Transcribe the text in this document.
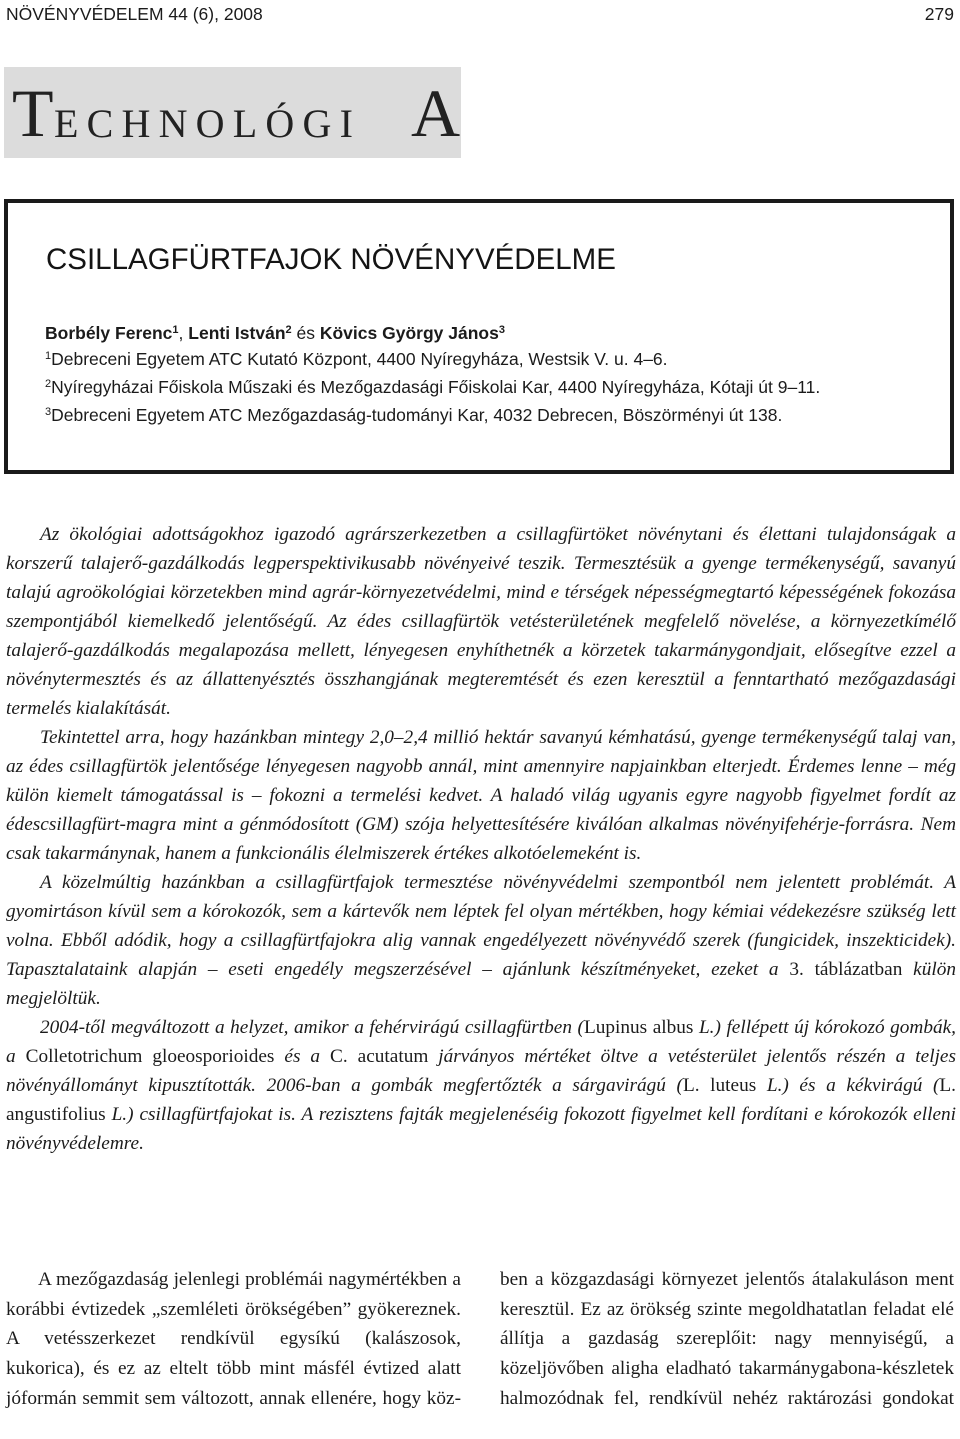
NÖVÉNYVÉDELEM 44 (6), 2008	279
T ECHNOLÓGI A
CSILLAGFÜRTFAJOK NÖVÉNYVÉDELME
Borbély Ferenc$^1$, Lenti István$^2$ és Kövics György János$^3$
$^1$Debreceni Egyetem ATC Kutató Központ, 4400 Nyíregyháza, Westsik V. u. 4–6.
$^2$Nyíregyházai Főiskola Műszaki és Mezőgazdasági Főiskolai Kar, 4400 Nyíregyháza, Kótaji út 9–11.
$^3$Debreceni Egyetem ATC Mezőgazdaság-tudományi Kar, 4032 Debrecen, Böszörményi út 138.

Az ökológiai adottságokhoz igazodó agrárszerkezetben a csillagfürtöket növénytani és élettani tulajdonságak a korszerű talajerő-gazdálkodás legperspektivikusabb növényeivé teszik. Termesztésük a gyenge termékenységű, savanyú talajú agroökológiai körzetekben mind agrár-környezetvédelmi, mind e térségek népességmegtartó képességének fokozása szempontjából kiemelkedő jelentőségű. Az édes csillagfürtök vetésterületének megfelelő növelése, a környezetkímélő talajerő-gazdálkodás megalapozása mellett, lényegesen enyhíthetnék a körzetek takarmánygondjait, elősegítve ezzel a növénytermesztés és az állattenyésztés összhangjának megteremtését és ezen keresztül a fenntartható mezőgazdasági termelés kialakítását.

Tekintettel arra, hogy hazánkban mintegy 2,0–2,4 millió hektár savanyú kémhatású, gyenge termékenységű talaj van, az édes csillagfürtök jelentősége lényegesen nagyobb annál, mint amennyire napjainkban elterjedt. Érdemes lenne – még külön kiemelt támogatással is – fokozni a termelési kedvet. A haladó világ ugyanis egyre nagyobb figyelmet fordít az édescsillagfürt-magra mint a génmódosított (GM) szója helyettesítésére kiválóan alkalmas növényifehérje-forrásra. Nem csak takarmánynak, hanem a funkcionális élelmiszerek értékes alkotóelemeként is.

A közelmúltig hazánkban a csillagfürtfajok termesztése növényvédelmi szempontból nem jelentett problémát. A gyomirtáson kívül sem a kórokozók, sem a kártevők nem léptek fel olyan mértékben, hogy kémiai védekezésre szükség lett volna. Ebből adódik, hogy a csillagfürtfajokra alig vannak engedélyezett növényvédő szerek (fungicidek, inszekticidek). Tapasztalataink alapján – eseti engedély megszerzésével – ajánlunk készítményeket, ezeket a 3. táblázatban külön megjelöltük.

2004-től megváltozott a helyzet, amikor a fehérvirágú csillagfürtben (Lupinus albus L.) fellépett új kórokozó gombák, a Colletotrichum gloeosporioides és a C. acutatum járványos mértéket öltve a vetésterület jelentős részén a teljes növényállományt kipusztították. 2006-ban a gombák megfertőzték a sárgavirágú (L. luteus L.) és a kékvirágú (L. angustifolius L.) csillagfürtfajokat is. A rezisztens fajták megjelenéséig fokozott figyelmet kell fordítani e kórokozók elleni növényvédelemre.

A mezőgazdaság jelenlegi problémái nagymértékben a korábbi évtizedek „szemléleti örökségében” gyökereznek. A vetésszerkezet rendkívül egysíkú (kalászosok, kukorica), és ez az eltelt több mint másfél évtized alatt jóformán semmit sem változott, annak ellenére, hogy köz-

ben a közgazdasági környezet jelentős átalakuláson ment keresztül. Ez az örökség szinte megoldhatatlan feladat elé állítja a gazdaság szereplőit: nagy mennyiségű, a közeljövőben aligha eladható takarmánygabona-készletek halmozódnak fel, rendkívül nehéz raktározási gondokat
